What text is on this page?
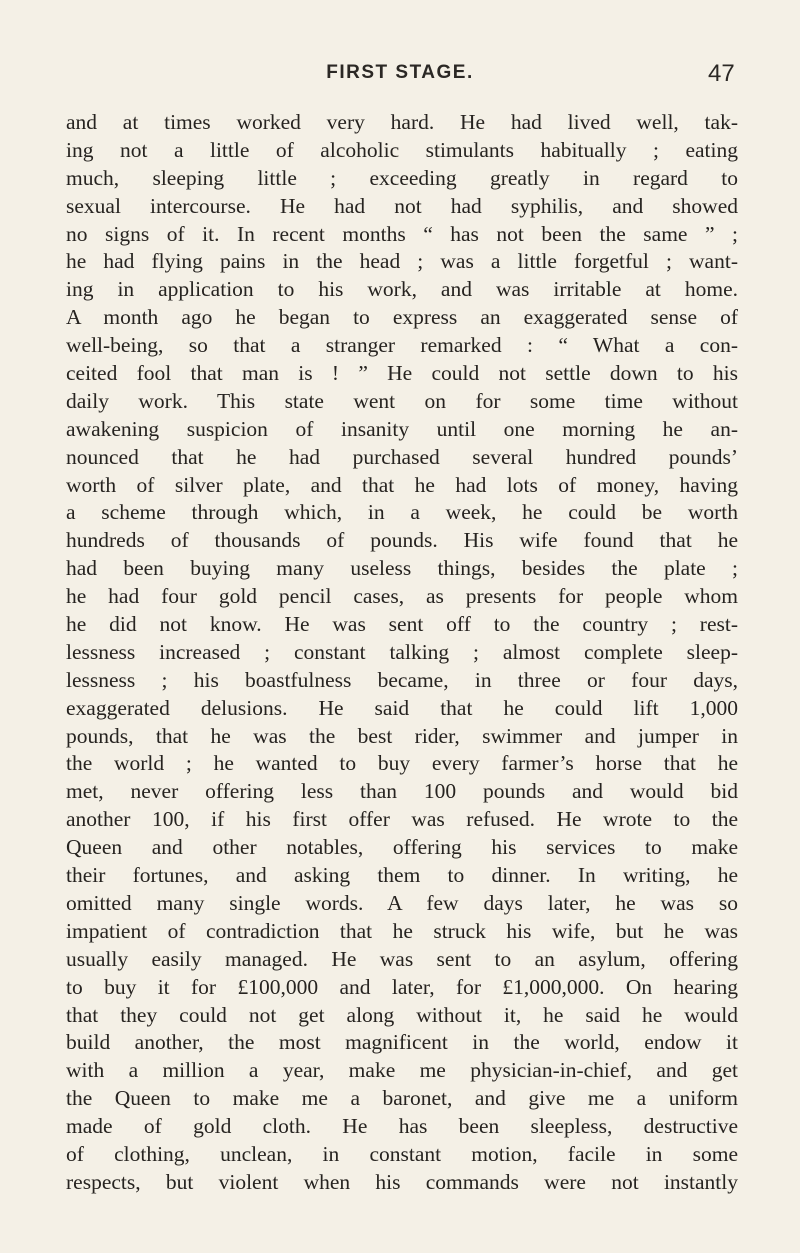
FIRST STAGE.	47
and at times worked very hard. He had lived well, tak-
ing not a little of alcoholic stimulants habitually ; eating
much, sleeping little ; exceeding greatly in regard to
sexual intercourse. He had not had syphilis, and showed
no signs of it. In recent months “ has not been the same ” ;
he had flying pains in the head ; was a little forgetful ; want-
ing in application to his work, and was irritable at home.
A month ago he began to express an exaggerated sense of
well-being, so that a stranger remarked : “ What a con-
ceited fool that man is ! ” He could not settle down to his
daily work. This state went on for some time without
awakening suspicion of insanity until one morning he an-
nounced that he had purchased several hundred pounds’
worth of silver plate, and that he had lots of money, having
a scheme through which, in a week, he could be worth
hundreds of thousands of pounds. His wife found that he
had been buying many useless things, besides the plate ;
he had four gold pencil cases, as presents for people whom
he did not know. He was sent off to the country ; rest-
lessness increased ; constant talking ; almost complete sleep-
lessness ; his boastfulness became, in three or four days,
exaggerated delusions. He said that he could lift 1,000
pounds, that he was the best rider, swimmer and jumper in
the world ; he wanted to buy every farmer’s horse that he
met, never offering less than 100 pounds and would bid
another 100, if his first offer was refused. He wrote to the
Queen and other notables, offering his services to make
their fortunes, and asking them to dinner. In writing, he
omitted many single words. A few days later, he was so
impatient of contradiction that he struck his wife, but he was
usually easily managed. He was sent to an asylum, offering
to buy it for £100,000 and later, for £1,000,000. On hearing
that they could not get along without it, he said he would
build another, the most magnificent in the world, endow it
with a million a year, make me physician-in-chief, and get
the Queen to make me a baronet, and give me a uniform
made of gold cloth. He has been sleepless, destructive
of clothing, unclean, in constant motion, facile in some
respects, but violent when his commands were not instantly
